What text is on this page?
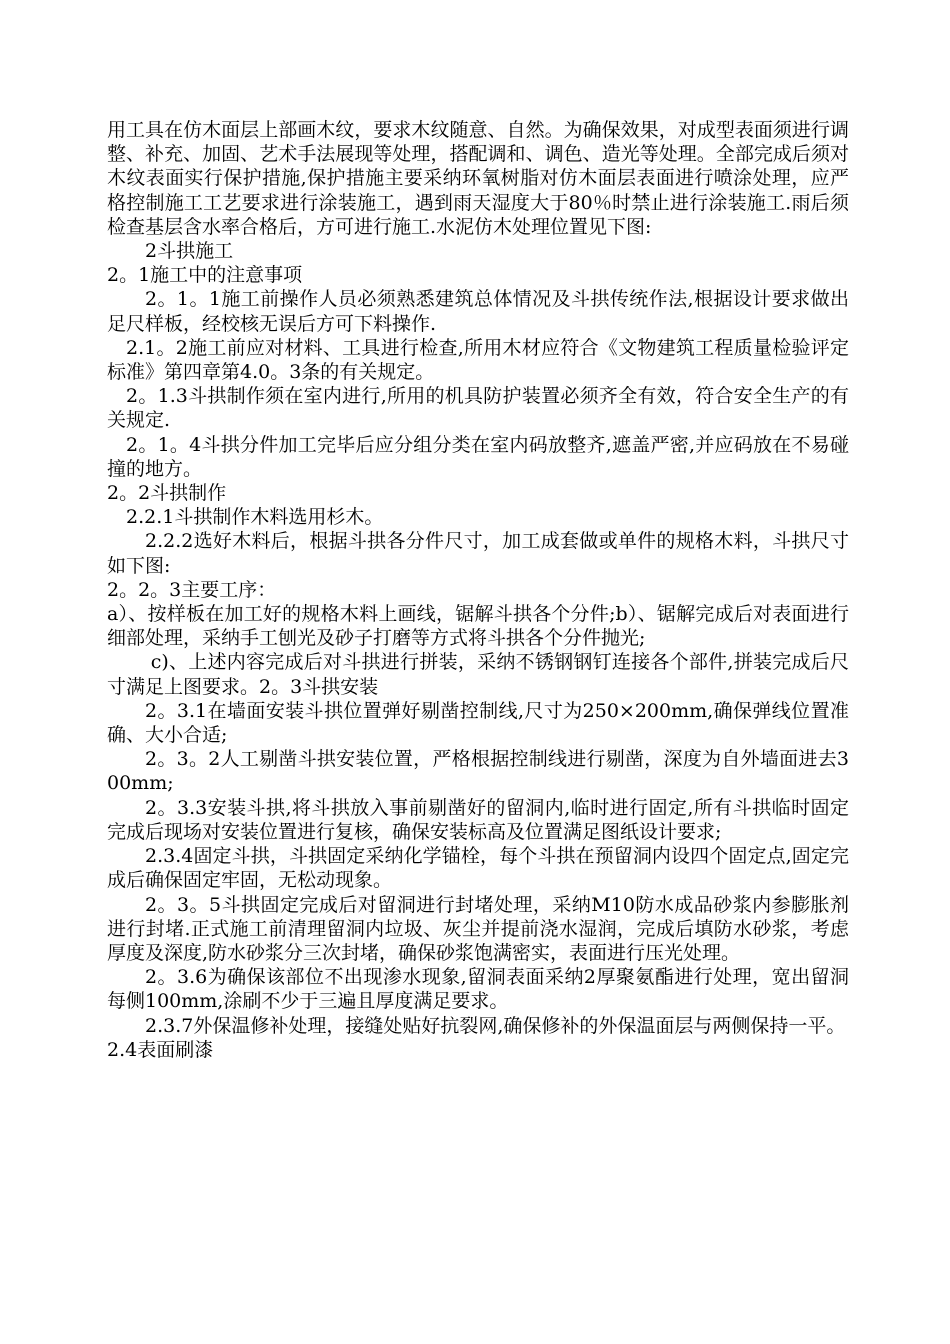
用工具在仿木面层上部画木纹，要求木纹随意、自然。为确保效果，对成型表面须进行调整、补充、加固、艺术手法展现等处理，搭配调和、调色、造光等处理。全部完成后须对木纹表面实行保护措施,保护措施主要采纳环氧树脂对仿木面层表面进行喷涂处理，应严格控制施工工艺要求进行涂装施工，遇到雨天湿度大于80％时禁止进行涂装施工.雨后须检查基层含水率合格后，方可进行施工.水泥仿木处理位置见下图:

2斗拱施工

2。1施工中的注意事项

2。1。1施工前操作人员必须熟悉建筑总体情况及斗拱传统作法,根据设计要求做出足尺样板，经校核无误后方可下料操作.

2.1。2施工前应对材料、工具进行检查,所用木材应符合《文物建筑工程质量检验评定标准》第四章第4.0。3条的有关规定。

2。1.3斗拱制作须在室内进行,所用的机具防护装置必须齐全有效，符合安全生产的有关规定.

2。1。4斗拱分件加工完毕后应分组分类在室内码放整齐,遮盖严密,并应码放在不易碰撞的地方。

2。2斗拱制作

2.2.1斗拱制作木料选用杉木。

2.2.2选好木料后，根据斗拱各分件尺寸，加工成套做或单件的规格木料，斗拱尺寸如下图:

2。2。3主要工序：

a）、按样板在加工好的规格木料上画线，锯解斗拱各个分件;b）、锯解完成后对表面进行细部处理，采纳手工刨光及砂子打磨等方式将斗拱各个分件抛光;

c)、上述内容完成后对斗拱进行拼装，采纳不锈钢钢钉连接各个部件,拼装完成后尺寸满足上图要求。2。3斗拱安装

2。3.1在墙面安装斗拱位置弹好剔凿控制线,尺寸为250×200mm,确保弹线位置准确、大小合适;

2。3。2人工剔凿斗拱安装位置，严格根据控制线进行剔凿，深度为自外墙面进去300mm;

2。3.3安装斗拱,将斗拱放入事前剔凿好的留洞内,临时进行固定,所有斗拱临时固定完成后现场对安装位置进行复核，确保安装标高及位置满足图纸设计要求;

2.3.4固定斗拱，斗拱固定采纳化学锚栓，每个斗拱在预留洞内设四个固定点,固定完成后确保固定牢固，无松动现象。

2。3。5斗拱固定完成后对留洞进行封堵处理，采纳M10防水成品砂浆内参膨胀剂进行封堵.正式施工前清理留洞内垃圾、灰尘并提前浇水湿润，完成后填防水砂浆，考虑厚度及深度,防水砂浆分三次封堵，确保砂浆饱满密实，表面进行压光处理。

2。3.6为确保该部位不出现渗水现象,留洞表面采纳2厚聚氨酯进行处理，宽出留洞每侧100mm,涂刷不少于三遍且厚度满足要求。

2.3.7外保温修补处理，接缝处贴好抗裂网,确保修补的外保温面层与两侧保持一平。

2.4表面刷漆
